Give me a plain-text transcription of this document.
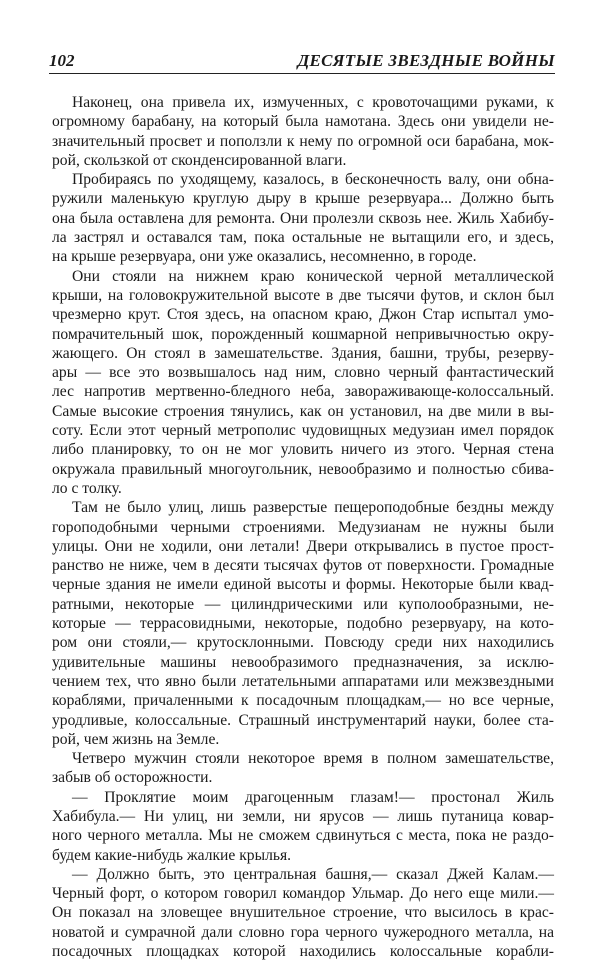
102	ДЕСЯТЫЕ ЗВЕЗДНЫЕ ВОЙНЫ
Наконец, она привела их, измученных, с кровоточащими руками, к
огромному барабану, на который была намотана. Здесь они увидели не-
значительный просвет и поползли к нему по огромной оси барабана, мок-
рой, скользкой от сконденсированной влаги.
Пробираясь по уходящему, казалось, в бесконечность валу, они обна-
ружили маленькую круглую дыру в крыше резервуара... Должно быть
она была оставлена для ремонта. Они пролезли сквозь нее. Жиль Хабибу-
ла застрял и оставался там, пока остальные не вытащили его, и здесь,
на крыше резервуара, они уже оказались, несомненно, в городе.
Они стояли на нижнем краю конической черной металлической
крыши, на головокружительной высоте в две тысячи футов, и склон был
чрезмерно крут. Стоя здесь, на опасном краю, Джон Стар испытал умо-
помрачительный шок, порожденный кошмарной непривычностью окру-
жающего. Он стоял в замешательстве. Здания, башни, трубы, резерву-
ары — все это возвышалось над ним, словно черный фантастический
лес напротив мертвенно-бледного неба, завораживающе-колоссальный.
Самые высокие строения тянулись, как он установил, на две мили в вы-
соту. Если этот черный метрополис чудовищных медузиан имел порядок
либо планировку, то он не мог уловить ничего из этого. Черная стена
окружала правильный многоугольник, невообразимо и полностью сбива-
ло с толку.
Там не было улиц, лишь разверстые пещероподобные бездны между
гороподобными черными строениями. Медузианам не нужны были
улицы. Они не ходили, они летали! Двери открывались в пустое прост-
ранство не ниже, чем в десяти тысячах футов от поверхности. Громадные
черные здания не имели единой высоты и формы. Некоторые были квад-
ратными, некоторые — цилиндрическими или куполообразными, не-
которые — террасовидными, некоторые, подобно резервуару, на кото-
ром они стояли,— крутосклонными. Повсюду среди них находились
удивительные машины невообразимого предназначения, за исклю-
чением тех, что явно были летательными аппаратами или межзвездными
кораблями, причаленными к посадочным площадкам,— но все черные,
уродливые, колоссальные. Страшный инструментарий науки, более ста-
рой, чем жизнь на Земле.
Четверо мужчин стояли некоторое время в полном замешательстве,
забыв об осторожности.
— Проклятие моим драгоценным глазам!— простонал Жиль
Хабибула.— Ни улиц, ни земли, ни ярусов — лишь путаница ковар-
ного черного металла. Мы не сможем сдвинуться с места, пока не раздо-
будем какие-нибудь жалкие крылья.
— Должно быть, это центральная башня,— сказал Джей Калам.—
Черный форт, о котором говорил командор Ульмар. До него еще мили.—
Он показал на зловещее внушительное строение, что высилось в крас-
новатой и сумрачной дали словно гора черного чужеродного металла, на
посадочных площадках которой находились колоссальные корабли-
